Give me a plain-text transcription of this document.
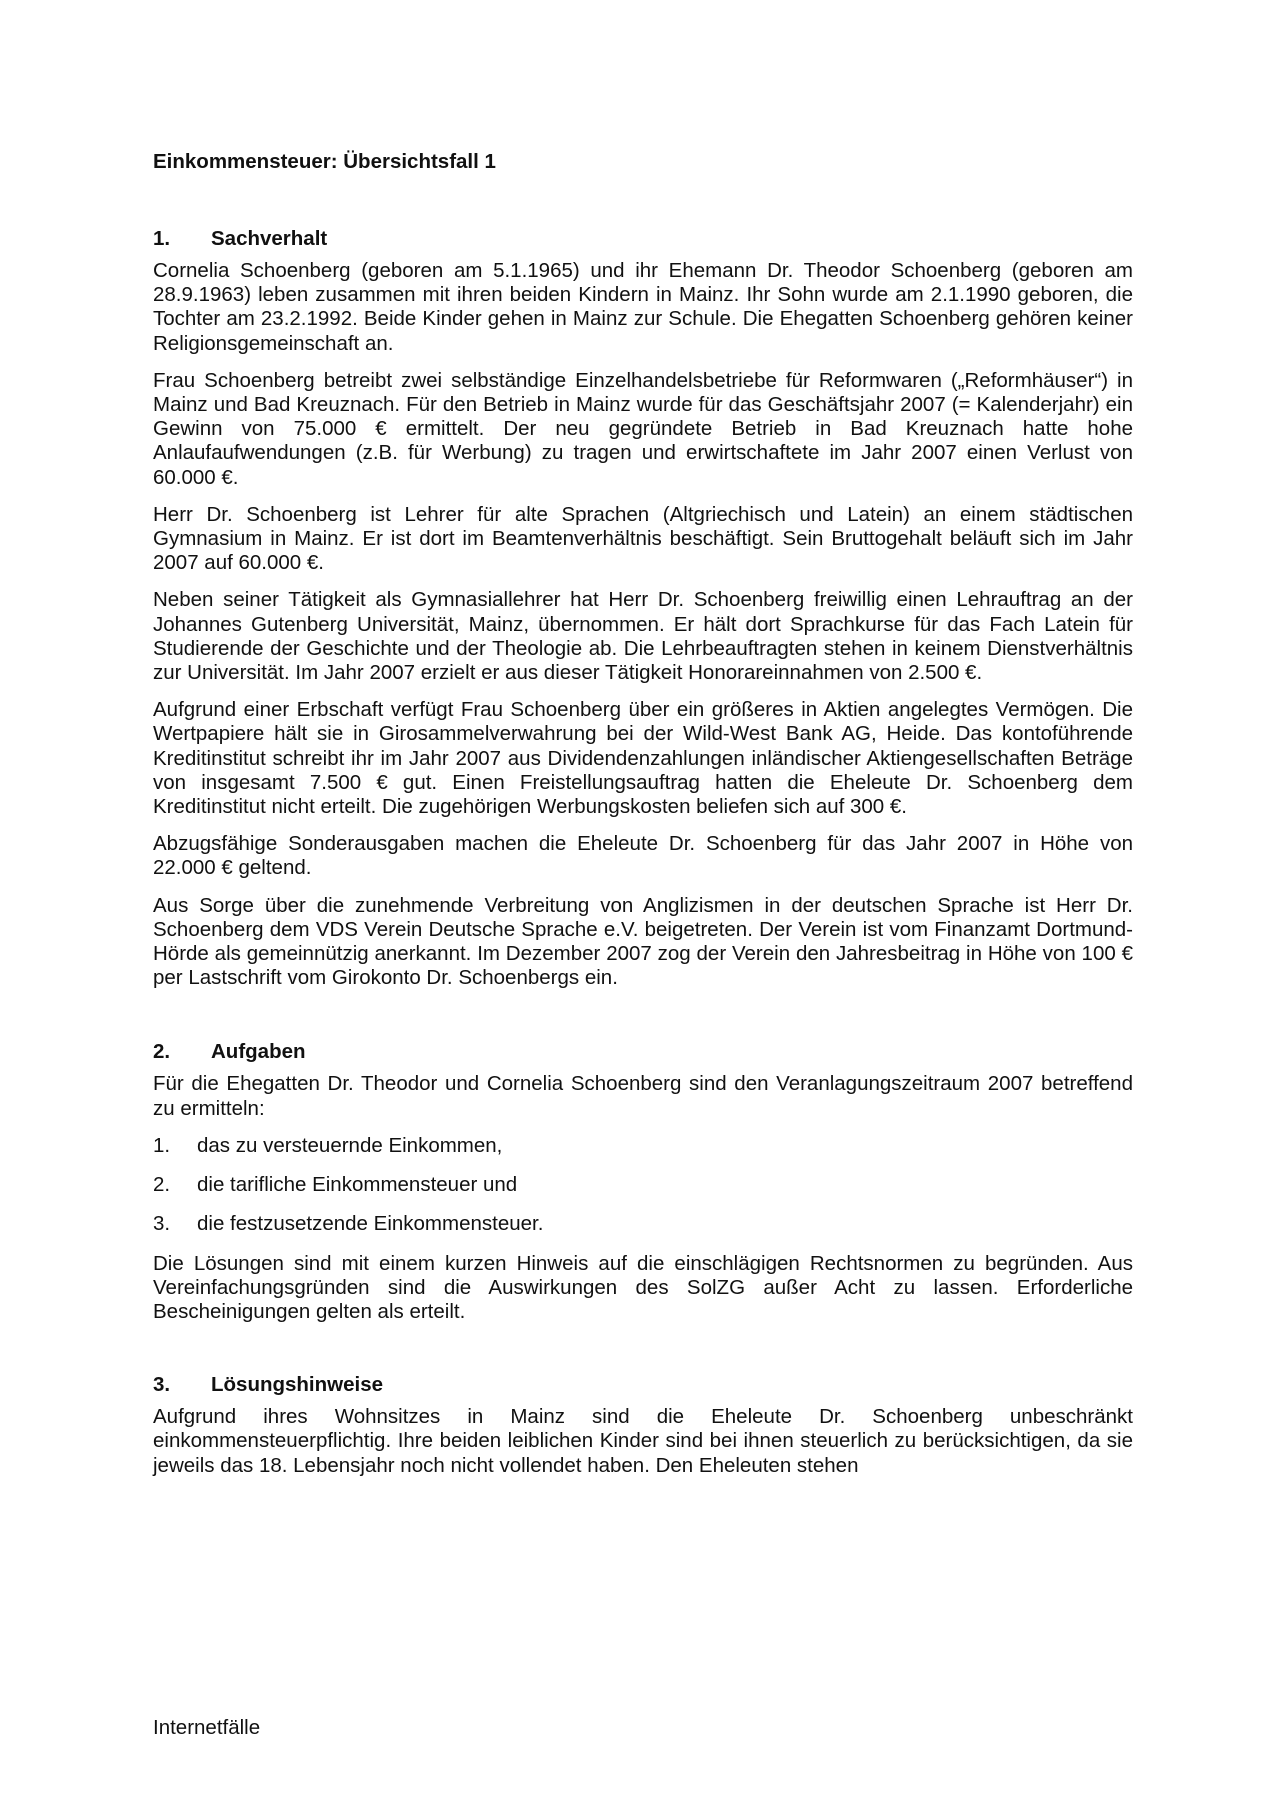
Einkommensteuer: Übersichtsfall 1
1.	Sachverhalt

Cornelia Schoenberg (geboren am 5.1.1965) und ihr Ehemann Dr. Theodor Schoenberg (geboren am 28.9.1963) leben zusammen mit ihren beiden Kindern in Mainz. Ihr Sohn wurde am 2.1.1990 geboren, die Tochter am 23.2.1992. Beide Kinder gehen in Mainz zur Schule. Die Ehegatten Schoenberg gehören keiner Religionsgemeinschaft an.

Frau Schoenberg betreibt zwei selbständige Einzelhandelsbetriebe für Reformwaren („Reformhäuser“) in Mainz und Bad Kreuznach. Für den Betrieb in Mainz wurde für das Geschäftsjahr 2007 (= Kalenderjahr) ein Gewinn von 75.000 € ermittelt. Der neu gegründete Betrieb in Bad Kreuznach hatte hohe Anlaufaufwendungen (z.B. für Werbung) zu tragen und erwirtschaftete im Jahr 2007 einen Verlust von 60.000 €.

Herr Dr. Schoenberg ist Lehrer für alte Sprachen (Altgriechisch und Latein) an einem städtischen Gymnasium in Mainz. Er ist dort im Beamtenverhältnis beschäftigt. Sein Bruttogehalt beläuft sich im Jahr 2007 auf 60.000 €.

Neben seiner Tätigkeit als Gymnasiallehrer hat Herr Dr. Schoenberg freiwillig einen Lehrauftrag an der Johannes Gutenberg Universität, Mainz, übernommen. Er hält dort Sprachkurse für das Fach Latein für Studierende der Geschichte und der Theologie ab. Die Lehrbeauftragten stehen in keinem Dienstverhältnis zur Universität. Im Jahr 2007 erzielt er aus dieser Tätigkeit Honorareinnahmen von 2.500 €.

Aufgrund einer Erbschaft verfügt Frau Schoenberg über ein größeres in Aktien angelegtes Vermögen. Die Wertpapiere hält sie in Girosammelverwahrung bei der Wild-West Bank AG, Heide. Das kontoführende Kreditinstitut schreibt ihr im Jahr 2007 aus Dividendenzahlungen inländischer Aktiengesellschaften Beträge von insgesamt 7.500 € gut. Einen Freistellungsauftrag hatten die Eheleute Dr. Schoenberg dem Kreditinstitut nicht erteilt. Die zugehörigen Werbungskosten beliefen sich auf 300 €.

Abzugsfähige Sonderausgaben machen die Eheleute Dr. Schoenberg für das Jahr 2007 in Höhe von 22.000 € geltend.

Aus Sorge über die zunehmende Verbreitung von Anglizismen in der deutschen Sprache ist Herr Dr. Schoenberg dem VDS Verein Deutsche Sprache e.V. beigetreten. Der Verein ist vom Finanzamt Dortmund-Hörde als gemeinnützig anerkannt. Im Dezember 2007 zog der Verein den Jahresbeitrag in Höhe von 100 € per Lastschrift vom Girokonto Dr. Schoenbergs ein.

2.	Aufgaben

Für die Ehegatten Dr. Theodor und Cornelia Schoenberg sind den Veranlagungszeitraum 2007 betreffend zu ermitteln:

1.	das zu versteuernde Einkommen,
2.	die tarifliche Einkommensteuer und
3.	die festzusetzende Einkommensteuer.

Die Lösungen sind mit einem kurzen Hinweis auf die einschlägigen Rechtsnormen zu begründen. Aus Vereinfachungsgründen sind die Auswirkungen des SolZG außer Acht zu lassen. Erforderliche Bescheinigungen gelten als erteilt.

3.	Lösungshinweise

Aufgrund ihres Wohnsitzes in Mainz sind die Eheleute Dr. Schoenberg unbeschränkt einkommensteuerpflichtig. Ihre beiden leiblichen Kinder sind bei ihnen steuerlich zu berücksichtigen, da sie jeweils das 18. Lebensjahr noch nicht vollendet haben. Den Eheleuten stehen

Internetfälle
